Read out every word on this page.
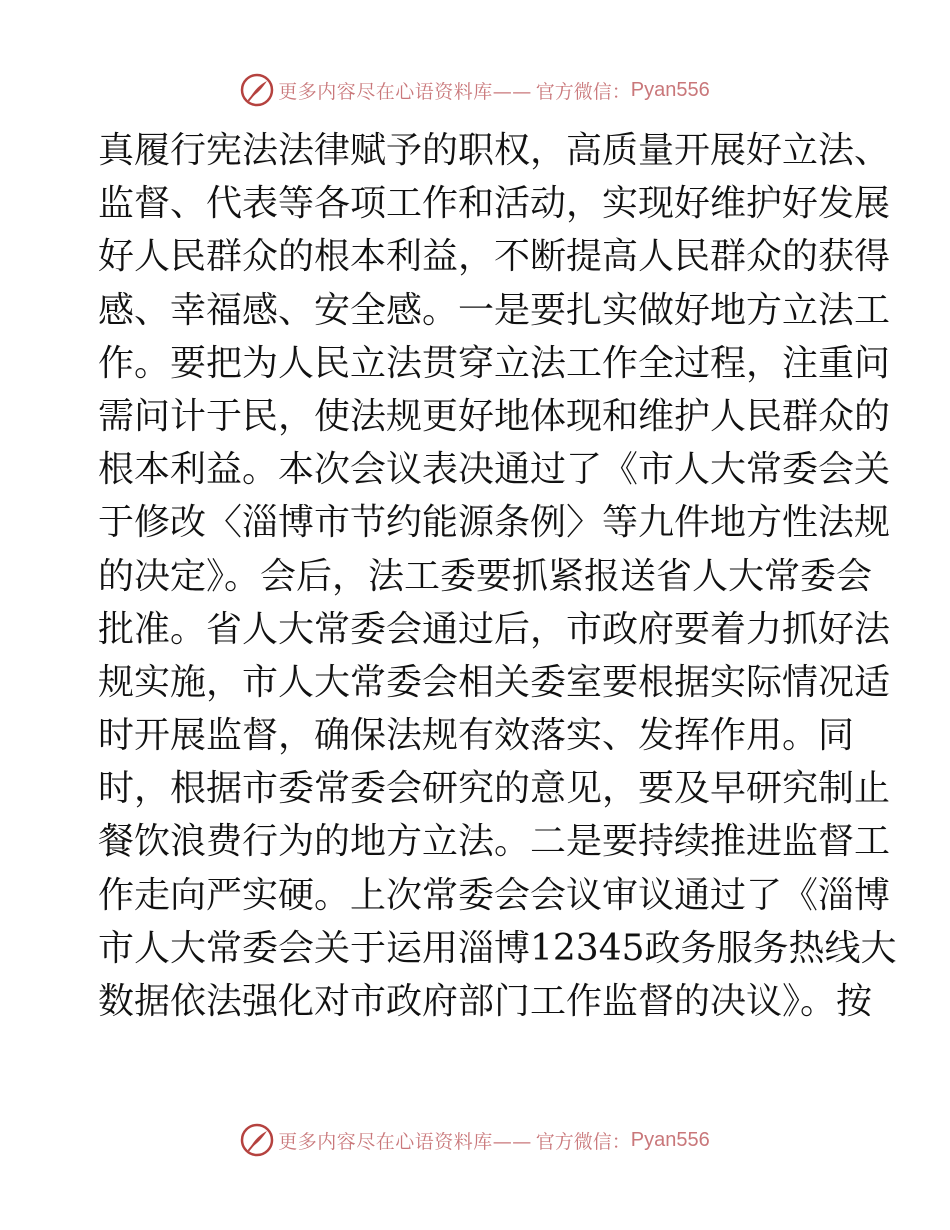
更多内容尽在心语资料库—— 官方微信： Pyan556
真履行宪法法律赋予的职权，高质量开展好立法、
监督、代表等各项工作和活动，实现好维护好发展
好人民群众的根本利益，不断提高人民群众的获得
感、幸福感、安全感。一是要扎实做好地方立法工
作。要把为人民立法贯穿立法工作全过程，注重问
需问计于民，使法规更好地体现和维护人民群众的
根本利益。本次会议表决通过了《市人大常委会关
于修改〈淄博市节约能源条例〉等九件地方性法规
的决定》。会后，法工委要抓紧报送省人大常委会
批准。省人大常委会通过后，市政府要着力抓好法
规实施，市人大常委会相关委室要根据实际情况适
时开展监督，确保法规有效落实、发挥作用。同
时，根据市委常委会研究的意见，要及早研究制止
餐饮浪费行为的地方立法。二是要持续推进监督工
作走向严实硬。上次常委会会议审议通过了《淄博
市人大常委会关于运用淄博12345政务服务热线大
数据依法强化对市政府部门工作监督的决议》。按
更多内容尽在心语资料库—— 官方微信： Pyan556
